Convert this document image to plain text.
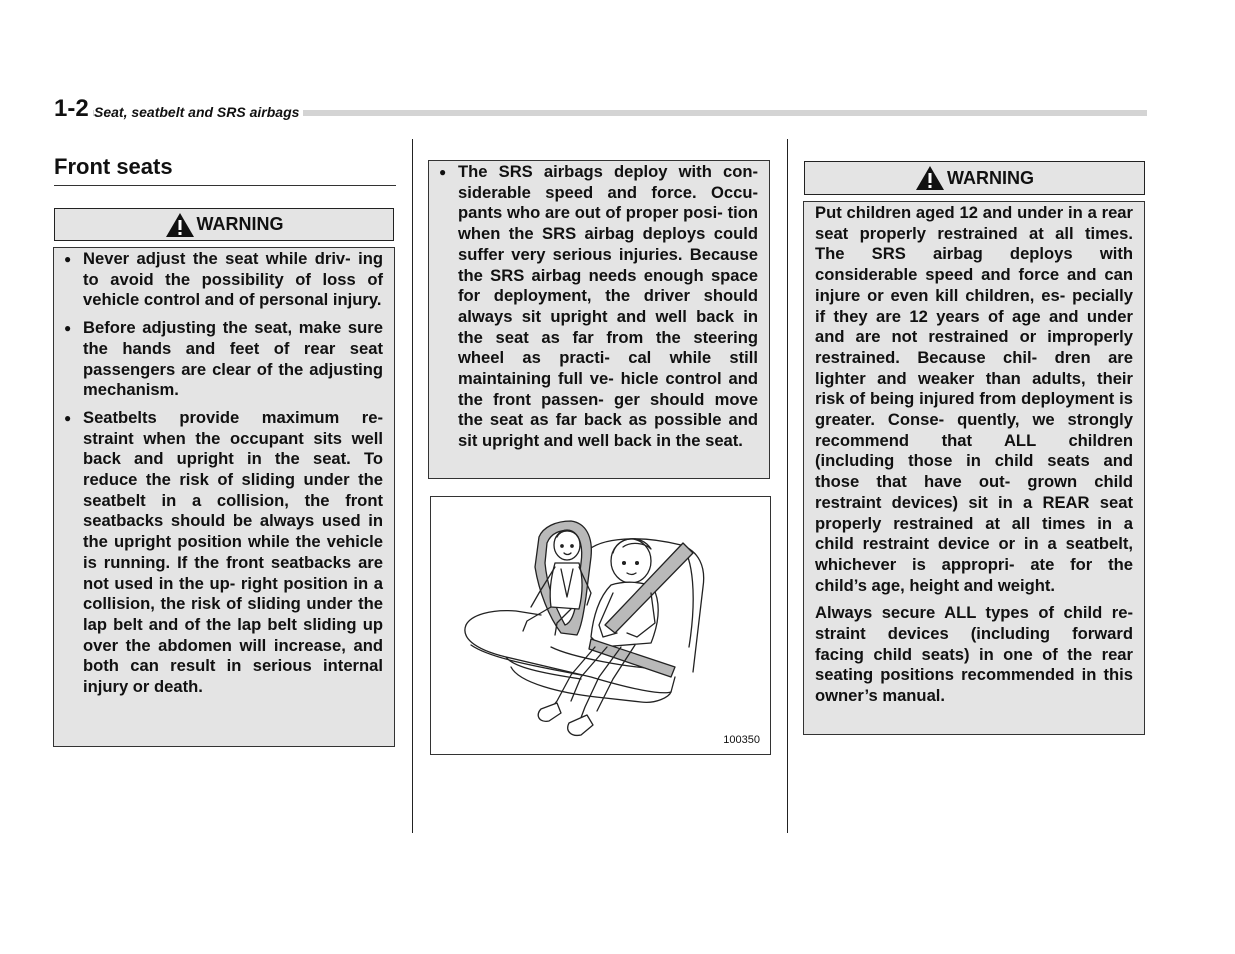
1-2 Seat, seatbelt and SRS airbags
Front seats
WARNING
● Never adjust the seat while driv- ing to avoid the possibility of loss of vehicle control and of personal injury.
● Before adjusting the seat, make sure the hands and feet of rear seat passengers are clear of the adjusting mechanism.
● Seatbelts provide maximum re- straint when the occupant sits well back and upright in the seat. To reduce the risk of sliding under the seatbelt in a collision, the front seatbacks should be always used in the upright position while the vehicle is running. If the front seatbacks are not used in the up- right position in a collision, the risk of sliding under the lap belt and of the lap belt sliding up over the abdomen will increase, and both can result in serious internal injury or death.
● The SRS airbags deploy with con- siderable speed and force. Occu- pants who are out of proper posi- tion when the SRS airbag deploys could suffer very serious injuries. Because the SRS airbag needs enough space for deployment, the driver should always sit upright and well back in the seat as far from the steering wheel as practi- cal while still maintaining full ve- hicle control and the front passen- ger should move the seat as far back as possible and sit upright and well back in the seat.
100350
WARNING

Put children aged 12 and under in a rear seat properly restrained at all times. The SRS airbag deploys with considerable speed and force and can injure or even kill children, es- pecially if they are 12 years of age and under and are not restrained or improperly restrained. Because chil- dren are lighter and weaker than adults, their risk of being injured from deployment is greater. Conse- quently, we strongly recommend that ALL children (including those in child seats and those that have out- grown child restraint devices) sit in a REAR seat properly restrained at all times in a child restraint device or in a seatbelt, whichever is appropri- ate for the child’s age, height and weight.

Always secure ALL types of child re- straint devices (including forward facing child seats) in one of the rear seating positions recommended in this owner’s manual.
